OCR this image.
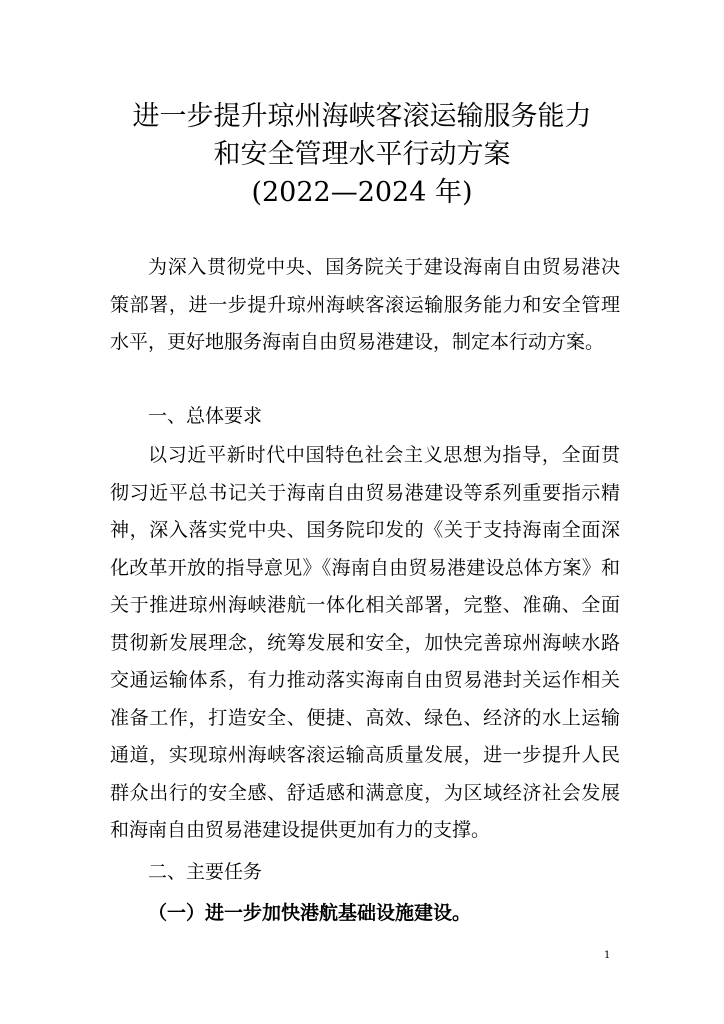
进一步提升琼州海峡客滚运输服务能力
和安全管理水平行动方案
(2022—2024 年)

为深入贯彻党中央、国务院关于建设海南自由贸易港决策部署，进一步提升琼州海峡客滚运输服务能力和安全管理水平，更好地服务海南自由贸易港建设，制定本行动方案。

一、总体要求

以习近平新时代中国特色社会主义思想为指导，全面贯彻习近平总书记关于海南自由贸易港建设等系列重要指示精神，深入落实党中央、国务院印发的《关于支持海南全面深化改革开放的指导意见》《海南自由贸易港建设总体方案》和关于推进琼州海峡港航一体化相关部署，完整、准确、全面贯彻新发展理念，统筹发展和安全，加快完善琼州海峡水路交通运输体系，有力推动落实海南自由贸易港封关运作相关准备工作，打造安全、便捷、高效、绿色、经济的水上运输通道，实现琼州海峡客滚运输高质量发展，进一步提升人民群众出行的安全感、舒适感和满意度，为区域经济社会发展和海南自由贸易港建设提供更加有力的支撑。

二、主要任务
（一）进一步加快港航基础设施建设。
1
